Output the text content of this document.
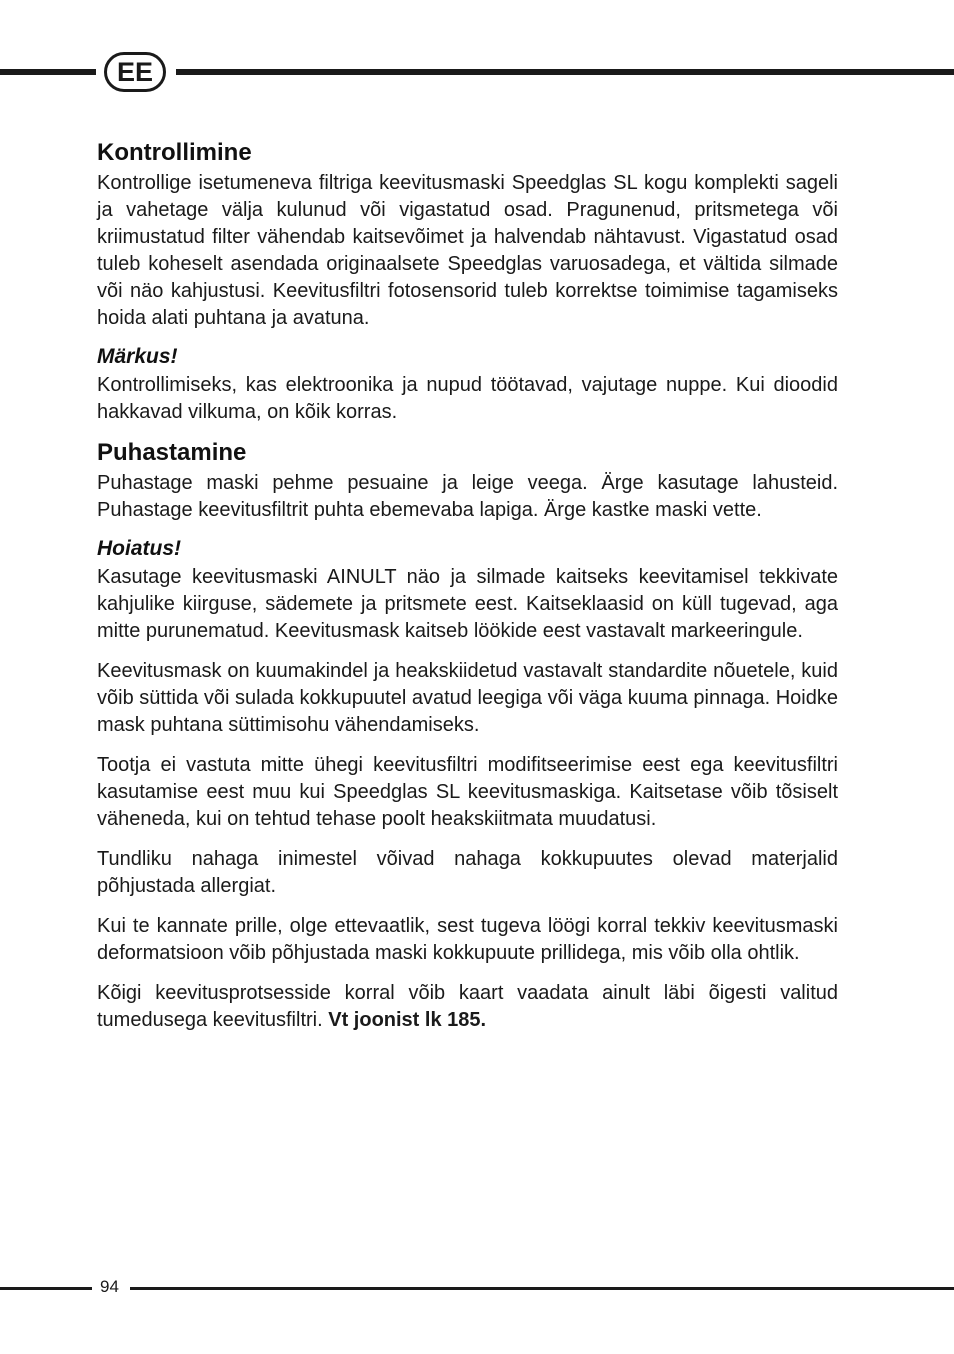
EE
Kontrollimine

Kontrollige isetumeneva filtriga keevitusmaski Speedglas SL kogu komplekti sageli ja vahetage välja kulunud või vigastatud osad. Pragunenud, pritsmetega või kriimustatud filter vähendab kaitsevõimet ja halvendab nähtavust. Vigastatud osad tuleb koheselt asendada originaalsete Speedglas varuosadega, et vältida silmade või näo kahjustusi. Keevitusfiltri fotosensorid tuleb korrektse toimimise tagamiseks hoida alati puhtana ja avatuna.

Märkus!

Kontrollimiseks, kas elektroonika ja nupud töötavad, vajutage nuppe. Kui dioodid hakkavad vilkuma, on kõik korras.

Puhastamine

Puhastage maski pehme pesuaine ja leige veega. Ärge kasutage lahusteid. Puhastage keevitusfiltrit puhta ebemevaba lapiga. Ärge kastke maski vette.

Hoiatus!

Kasutage keevitusmaski AINULT näo ja silmade kaitseks keevitamisel tekkivate kahjulike kiirguse, sädemete ja pritsmete eest. Kaitseklaasid on küll tugevad, aga mitte purunematud. Keevitusmask kaitseb löökide eest vastavalt markeeringule.

Keevitusmask on kuumakindel ja heakskiidetud vastavalt standardite nõuetele, kuid võib süttida või sulada kokkupuutel avatud leegiga või väga kuuma pinnaga. Hoidke mask puhtana süttimisohu vähendamiseks.

Tootja ei vastuta mitte ühegi keevitusfiltri modifitseerimise eest ega keevitusfiltri kasutamise eest muu kui Speedglas SL keevitusmaskiga. Kaitsetase võib tõsiselt väheneda, kui on tehtud tehase poolt heakskiitmata muudatusi.

Tundliku nahaga inimestel võivad nahaga kokkupuutes olevad materjalid põhjustada allergiat.

Kui te kannate prille, olge ettevaatlik, sest tugeva löögi korral tekkiv keevitusmaski deformatsioon võib põhjustada maski kokkupuute prillidega, mis võib olla ohtlik.

Kõigi keevitusprotsesside korral võib kaart vaadata ainult läbi õigesti valitud tumedusega keevitusfiltri. Vt joonist lk 185.

94
